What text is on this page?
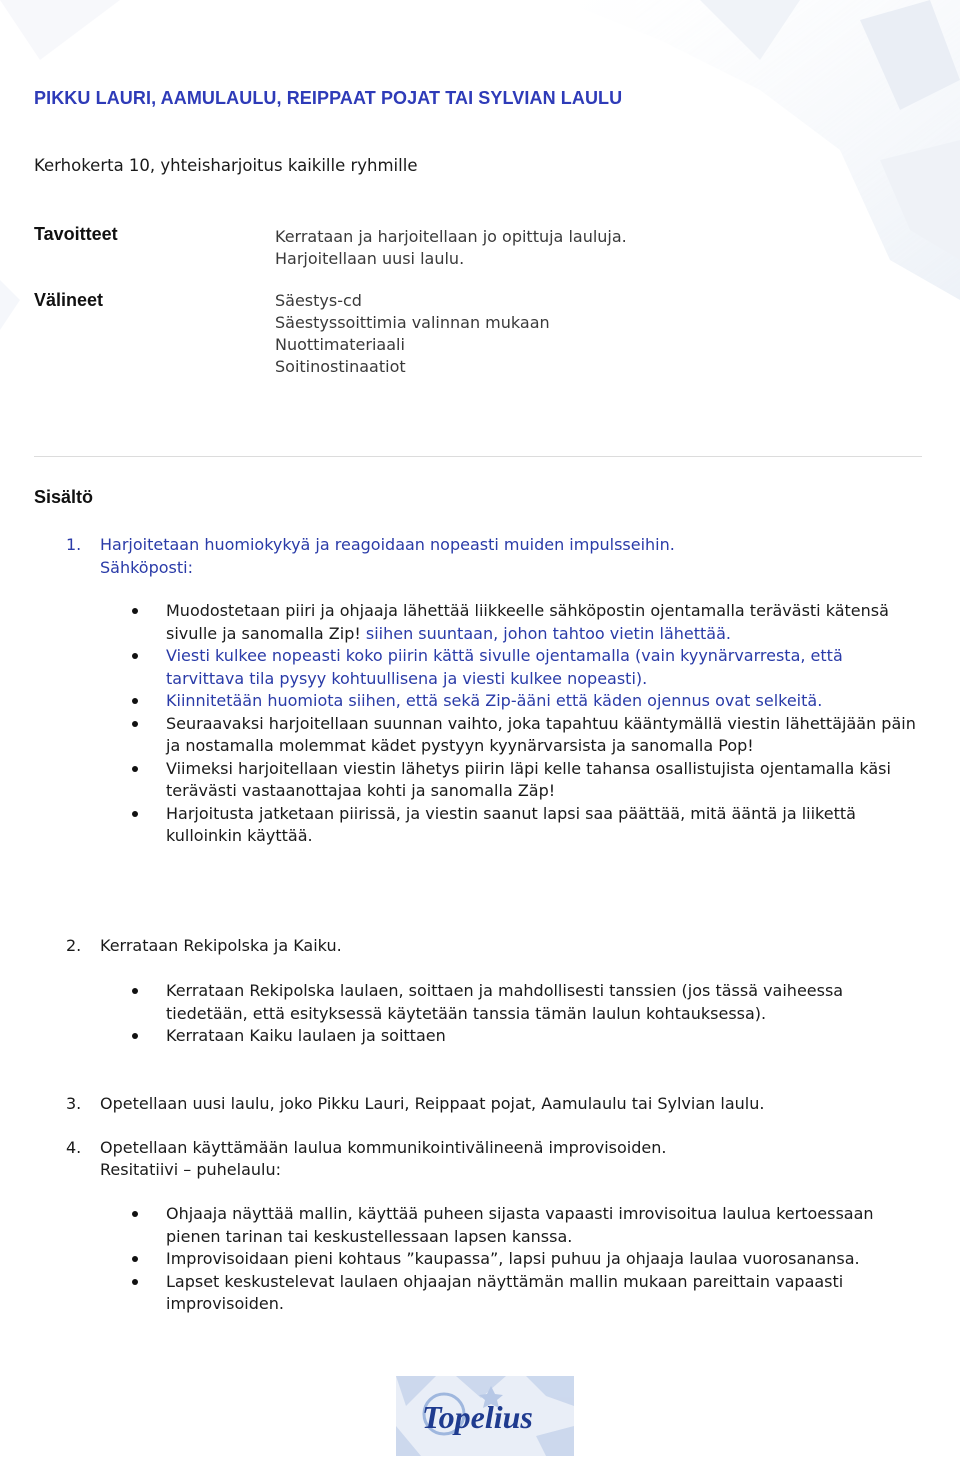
PIKKU LAURI, AAMULAULU, REIPPAAT POJAT TAI SYLVIAN LAULU
Kerhokerta 10, yhteisharjoitus kaikille ryhmille
Tavoitteet	Kerrataan ja harjoitellaan jo opittuja lauluja.
Harjoitellaan uusi laulu.
Välineet	Säestys-cd
Säestyssoittimia valinnan mukaan
Nuottimateriaali
Soitinostinaatiot
Sisältö
1. Harjoitetaan huomiokykyä ja reagoidaan nopeasti muiden impulsseihin.
Sähköposti:
Muodostetaan piiri ja ohjaaja lähettää liikkeelle sähköpostin ojentamalla terävästi kätensä sivulle ja sanomalla Zip! siihen suuntaan, johon tahtoo vietin lähettää.
Viesti kulkee nopeasti koko piirin kättä sivulle ojentamalla (vain kyynärvarresta, että tarvittava tila pysyy kohtuullisena ja viesti kulkee nopeasti).
Kiinnitetään huomiota siihen, että sekä Zip-ääni että käden ojennus ovat selkeitä.
Seuraavaksi harjoitellaan suunnan vaihto, joka tapahtuu kääntymällä viestin lähettäjään päin ja nostamalla molemmat kädet pystyyn kyynärvarsista ja sanomalla Pop!
Viimeksi harjoitellaan viestin lähetys piirin läpi kelle tahansa osallistujista ojentamalla käsi terävästi vastaanottajaa kohti ja sanomalla Zäp!
Harjoitusta jatketaan piirissä, ja viestin saanut lapsi saa päättää, mitä ääntä ja liikettä kulloinkin käyttää.
2. Kerrataan Rekipolska ja Kaiku.
Kerrataan Rekipolska laulaen, soittaen ja mahdollisesti tanssien (jos tässä vaiheessa tiedetään, että esityksessä käytetään tanssia tämän laulun kohtauksessa).
Kerrataan Kaiku laulaen ja soittaen
3. Opetellaan uusi laulu, joko Pikku Lauri, Reippaat pojat, Aamulaulu tai Sylvian laulu.
4. Opetellaan käyttämään laulua kommunikointivälineenä improvisoiden.
Resitatiivi – puhelaulu:
Ohjaaja näyttää mallin, käyttää puheen sijasta vapaasti imrovisoitua laulua kertoessaan pienen tarinan tai keskustellessaan lapsen kanssa.
Improvisoidaan pieni kohtaus ”kaupassa”, lapsi puhuu ja ohjaaja laulaa vuorosanansa.
Lapset keskustelevat laulaen ohjaajan näyttämän mallin mukaan pareittain vapaasti improvisoiden.
Topelius
